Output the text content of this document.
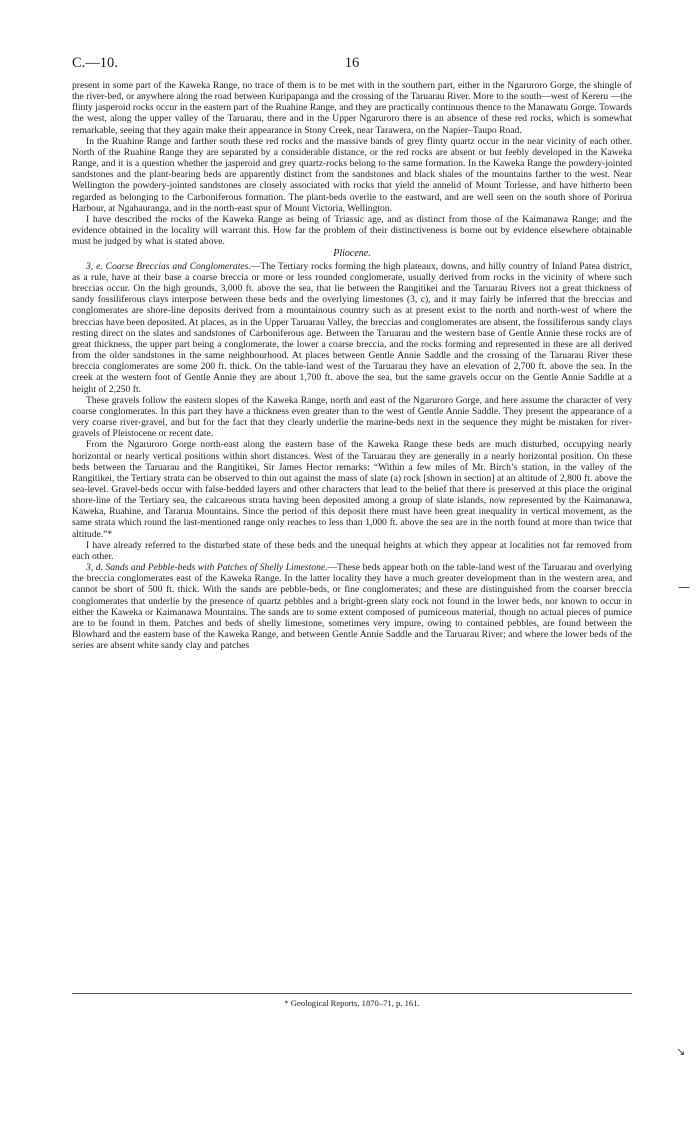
C.—10.	16

present in some part of the Kaweka Range, no trace of them is to be met with in the southern part, either in the Ngaruroro Gorge, the shingle of the river-bed, or anywhere along the road between Kuripapanga and the crossing of the Taruarau River. More to the south—west of Kereru —the flinty jasperoid rocks occur in the eastern part of the Ruahine Range, and they are practically continuous thence to the Manawatu Gorge. Towards the west, along the upper valley of the Taruarau, there and in the Upper Ngaruroro there is an absence of these red rocks, which is somewhat remarkable, seeing that they again make their appearance in Stony Creek, near Tarawera, on the Napier–Taupo Road.

In the Ruahine Range and farther south these red rocks and the massive bands of grey flinty quartz occur in the near vicinity of each other. North of the Ruahine Range they are separated by a considerable distance, or the red rocks are absent or but feebly developed in the Kaweka Range, and it is a question whether the jasperoid and grey quartz-rocks belong to the same formation. In the Kaweka Range the powdery-jointed sandstones and the plant-bearing beds are apparently distinct from the sandstones and black shales of the mountains farther to the west. Near Wellington the powdery-jointed sandstones are closely associated with rocks that yield the annelid of Mount Torlesse, and have hitherto been regarded as belonging to the Carboniferous formation. The plant-beds overlie to the eastward, and are well seen on the south shore of Porirua Harbour, at Ngahauranga, and in the north-east spur of Mount Victoria, Wellington.

I have described the rocks of the Kaweka Range as being of Triassic age, and as distinct from those of the Kaimanawa Range; and the evidence obtained in the locality will warrant this. How far the problem of their distinctiveness is borne out by evidence elsewhere obtainable must be judged by what is stated above.

Pliocene.

3, e. Coarse Breccias and Conglomerates.—The Tertiary rocks forming the high plateaux, downs, and hilly country of Inland Patea district, as a rule, have at their base a coarse breccia or more or less rounded conglomerate, usually derived from rocks in the vicinity of where such breccias occur. On the high grounds, 3,000 ft. above the sea, that lie between the Rangitikei and the Taruarau Rivers not a great thickness of sandy fossiliferous clays interpose between these beds and the overlying limestones (3, c), and it may fairly be inferred that the breccias and conglomerates are shore-line deposits derived from a mountainous country such as at present exist to the north and north-west of where the breccias have been deposited. At places, as in the Upper Taruarau Valley, the breccias and conglomerates are absent, the fossiliferous sandy clays resting direct on the slates and sandstones of Carboniferous age. Between the Taruarau and the western base of Gentle Annie these rocks are of great thickness, the upper part being a conglomerate, the lower a coarse breccia, and the rocks forming and represented in these are all derived from the older sandstones in the same neighbourhood. At places between Gentle Annie Saddle and the crossing of the Taruarau River these breccia conglomerates are some 200 ft. thick. On the table-land west of the Taruarau they have an elevation of 2,700 ft. above the sea. In the creek at the western foot of Gentle Annie they are about 1,700 ft. above the sea, but the same gravels occur on the Gentle Annie Saddle at a height of 2,250 ft.

These gravels follow the eastern slopes of the Kaweka Range, north and east of the Ngaruroro Gorge, and here assume the character of very coarse conglomerates. In this part they have a thickness even greater than to the west of Gentle Annie Saddle. They present the appearance of a very coarse river-gravel, and but for the fact that they clearly underlie the marine-beds next in the sequence they might be mistaken for river-gravels of Pleistocene or recent date.

From the Ngaruroro Gorge north-east along the eastern base of the Kaweka Range these beds are much disturbed, occupying nearly horizontal or nearly vertical positions within short distances. West of the Taruarau they are generally in a nearly horizontal position. On these beds between the Taruarau and the Rangitikei, Sir James Hector remarks: “Within a few miles of Mr. Birch’s station, in the valley of the Rangitikei, the Tertiary strata can be observed to thin out against the mass of slate (a) rock [shown in section] at an altitude of 2,800 ft. above the sea-level. Gravel-beds occur with false-bedded layers and other characters that lead to the belief that there is preserved at this place the original shore-line of the Tertiary sea, the calcareous strata having been deposited among a group of slate islands, now represented by the Kaimanawa, Kaweka, Ruahine, and Tararua Mountains. Since the period of this deposit there must have been great inequality in vertical movement, as the same strata which round the last-mentioned range only reaches to less than 1,000 ft. above the sea are in the north found at more than twice that altitude.”*

I have already referred to the disturbed state of these beds and the unequal heights at which they appear at localities not far removed from each other.

3, d. Sands and Pebble-beds with Patches of Shelly Limestone.—These beds appear both on the table-land west of the Taruarau and overlying the breccia conglomerates east of the Kaweka Range. In the latter locality they have a much greater development than in the western area, and cannot be short of 500 ft. thick. With the sands are pebble-beds, or fine conglomerates; and these are distinguished from the coarser breccia conglomerates that underlie by the presence of quartz pebbles and a bright-green slaty rock not found in the lower beds, nor known to occur in either the Kaweka or Kaimanawa Mountains. The sands are to some extent composed of pumiceous material, though no actual pieces of pumice are to be found in them. Patches and beds of shelly limestone, sometimes very impure, owing to contained pebbles, are found between the Blowhard and the eastern base of the Kaweka Range, and between Gentle Annie Saddle and the Taruarau River; and where the lower beds of the series are absent white sandy clay and patches

* Geological Reports, 1870–71, p. 161.
—
↘
